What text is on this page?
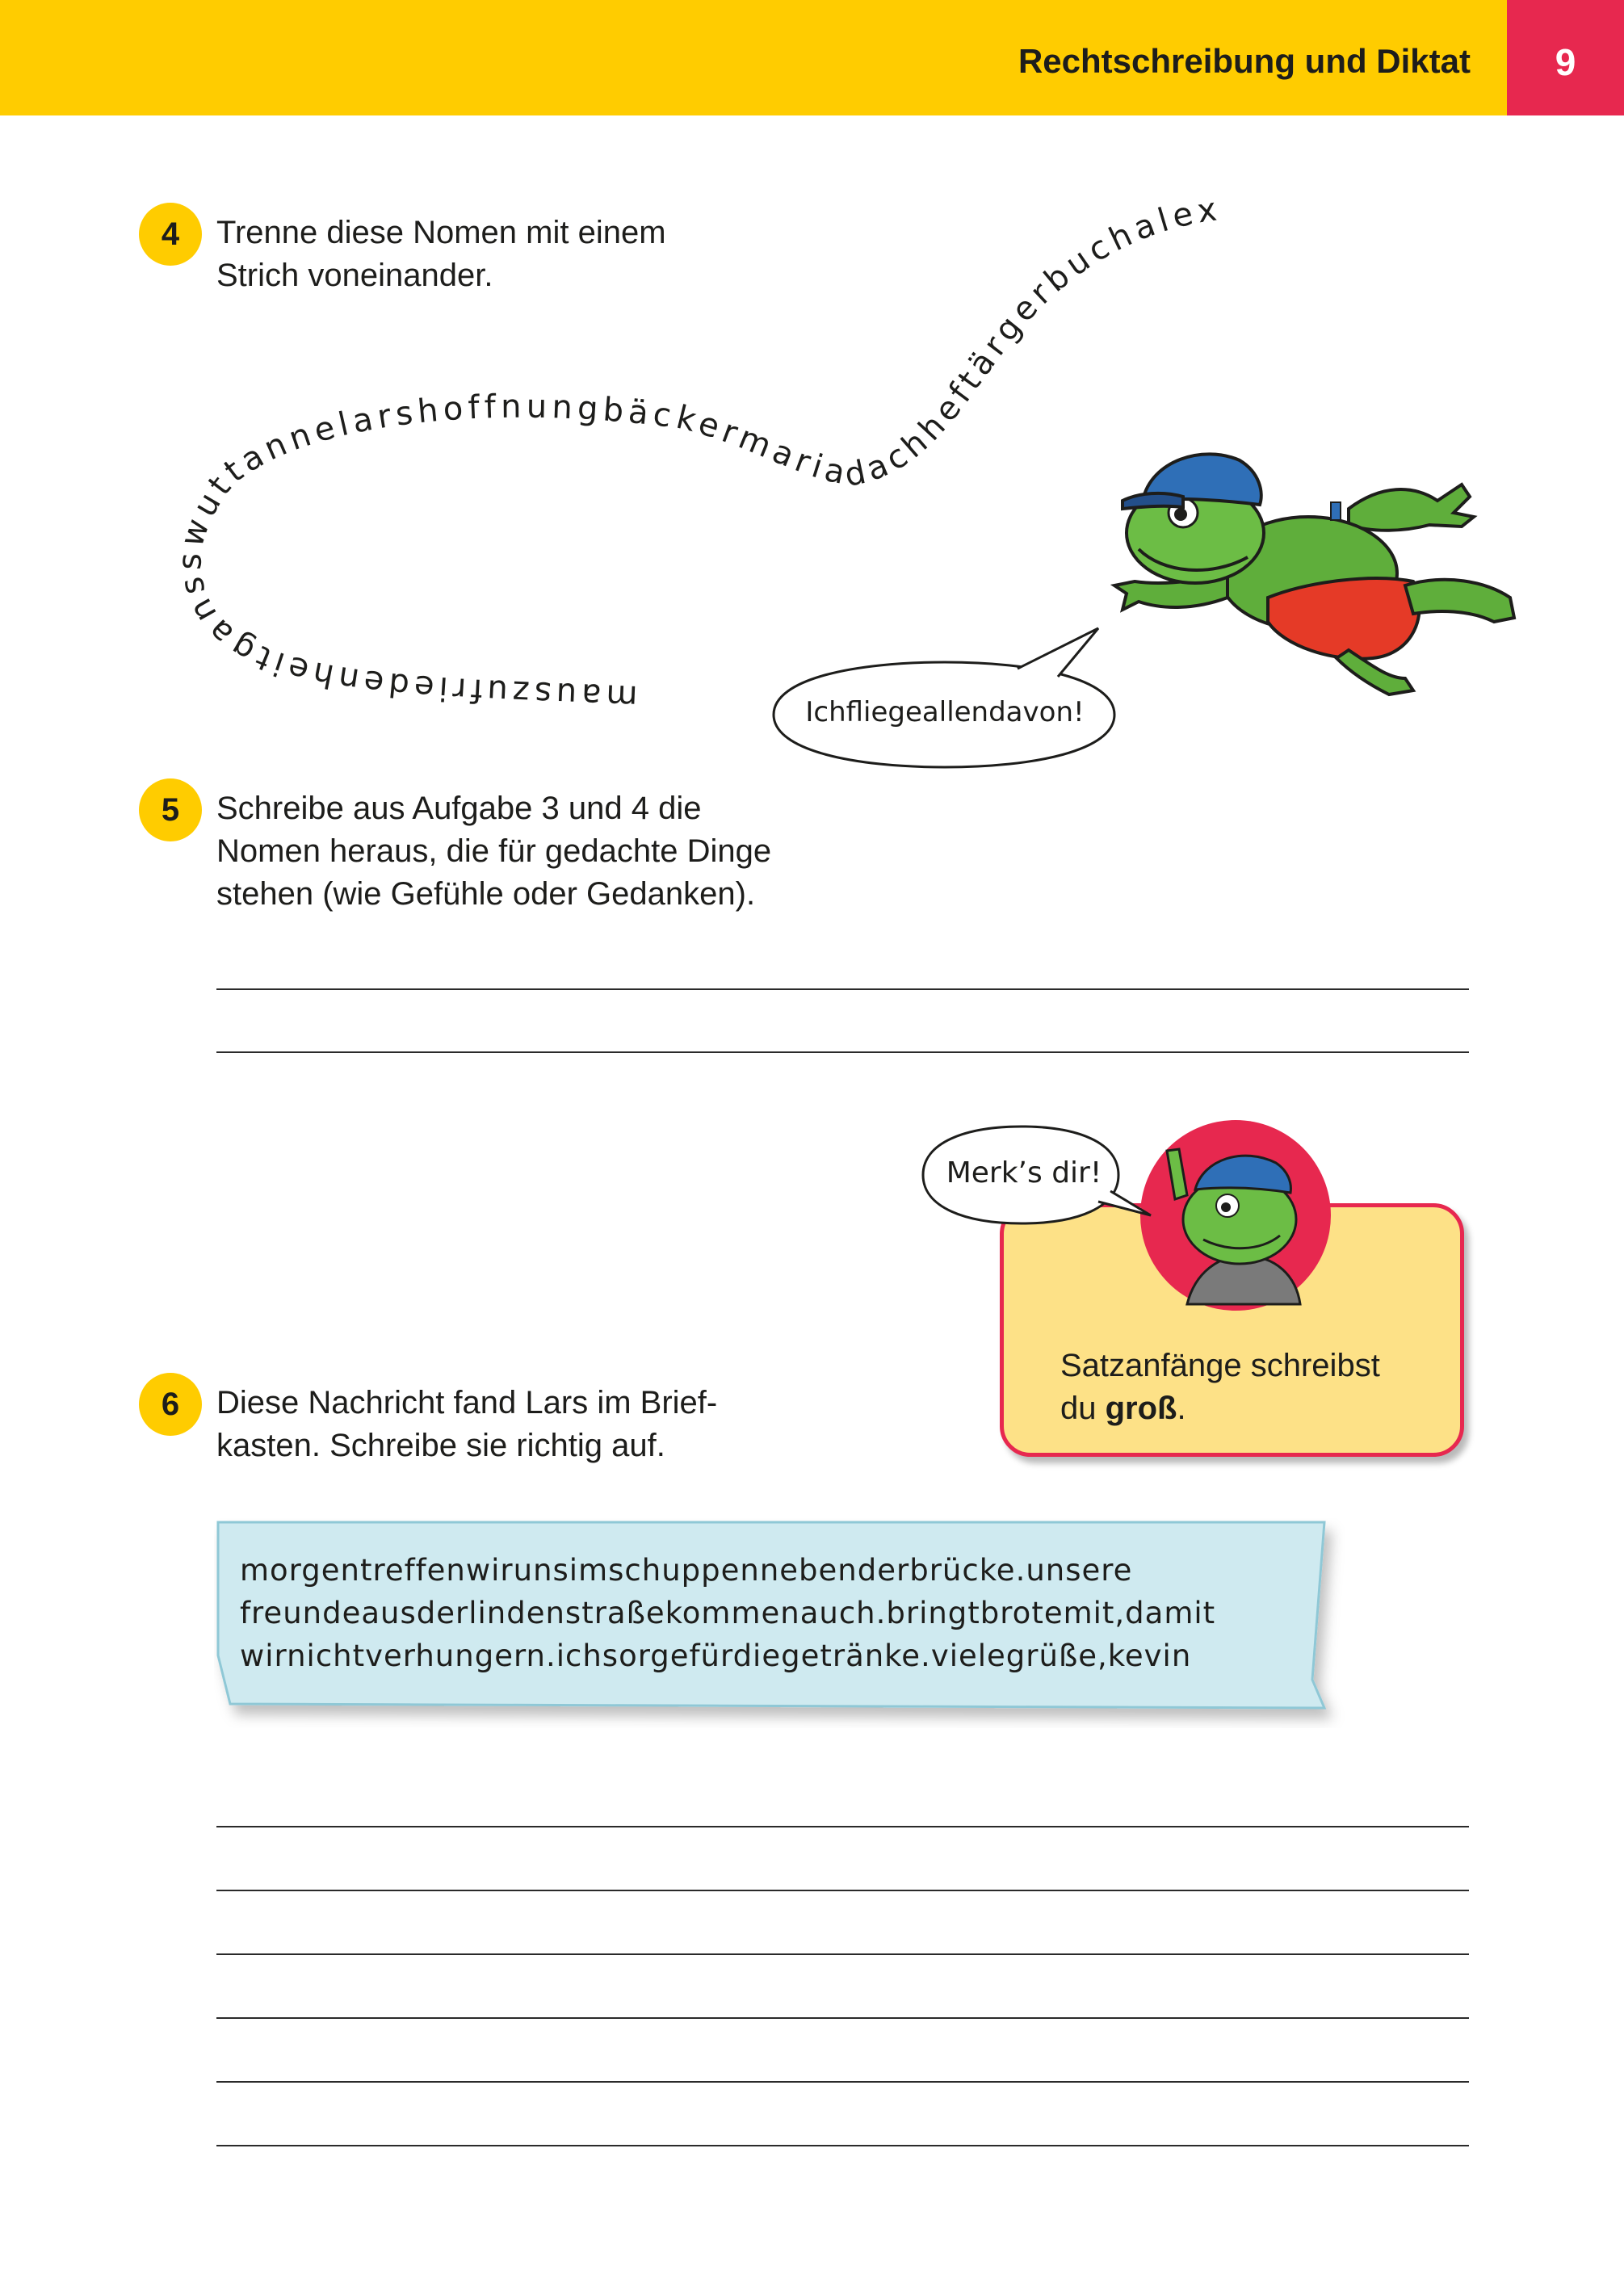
Rechtschreibung und Diktat	9
4	Trenne diese Nomen mit einem
Strich voneinander.
mauszufriedenheitgansswuttannelarshoffnungbäckermariadachheftärgerbuchalex
Ichfliegeallendavon!
5	Schreibe aus Aufgabe 3 und 4 die
Nomen heraus, die für gedachte Dinge
stehen (wie Gefühle oder Gedanken).
Satzanfänge schreibst
du groß.
Merk’s dir!
6	Diese Nachricht fand Lars im Brief-
kasten. Schreibe sie richtig auf.
morgentreffenwirunsimschuppennebenderbrücke.unsere
freundeausderlindenstraßekommenauch.bringtbrotemit,damit
wirnichtverhungern.ichsorgefürdiegetränke.vielegrüße,kevin
